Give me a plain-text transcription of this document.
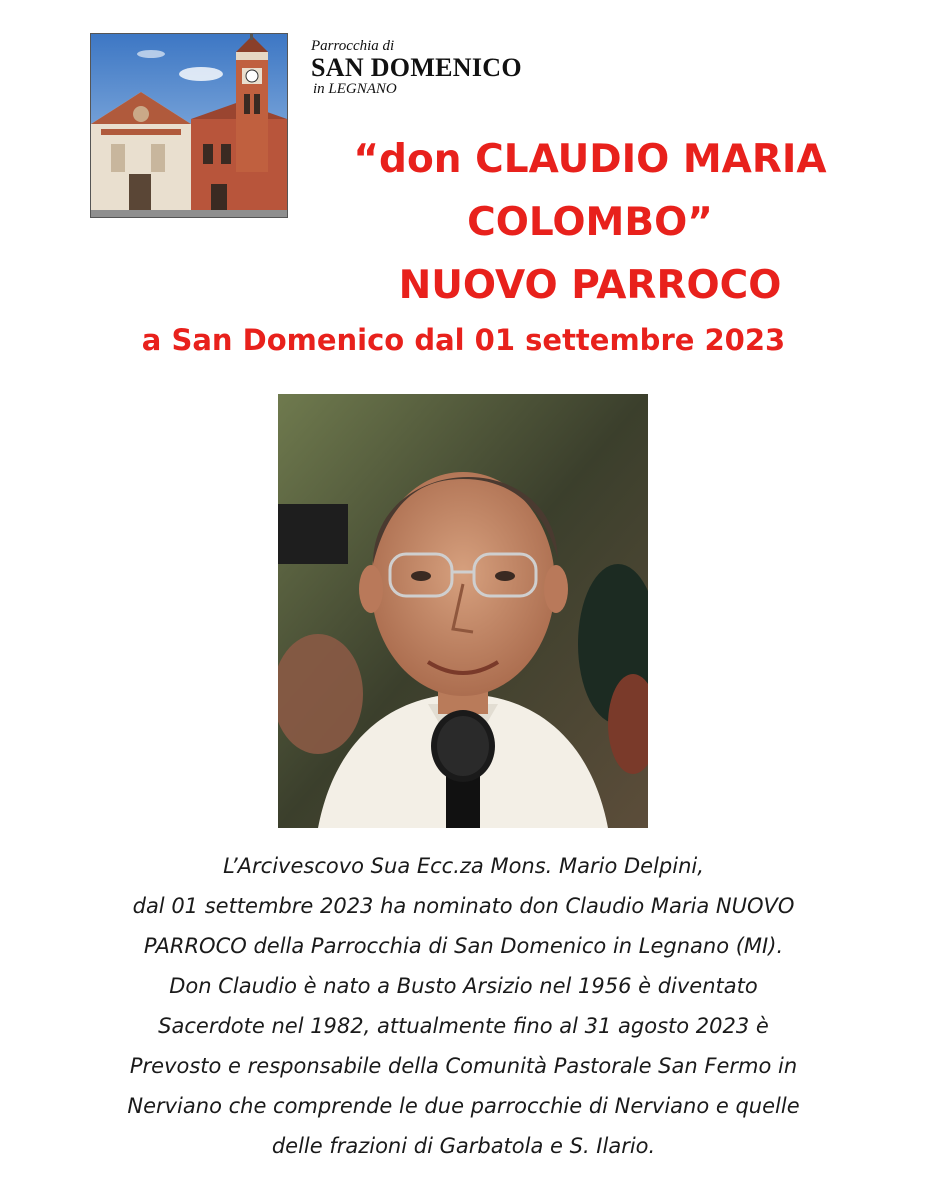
Parrocchia di
SAN DOMENICO
in LEGNANO
“don CLAUDIO MARIA
COLOMBO”
NUOVO PARROCO
a San Domenico dal 01 settembre 2023
L’Arcivescovo Sua Ecc.za Mons. Mario Delpini,
dal 01 settembre 2023 ha nominato don Claudio Maria NUOVO
PARROCO della Parrocchia di San Domenico in Legnano (MI).
Don Claudio è nato a Busto Arsizio nel 1956 è diventato
Sacerdote nel 1982, attualmente fino al 31 agosto 2023 è
Prevosto e responsabile della Comunità Pastorale San Fermo in
Nerviano che comprende le due parrocchie di Nerviano e quelle
delle frazioni di Garbatola e S. Ilario.
